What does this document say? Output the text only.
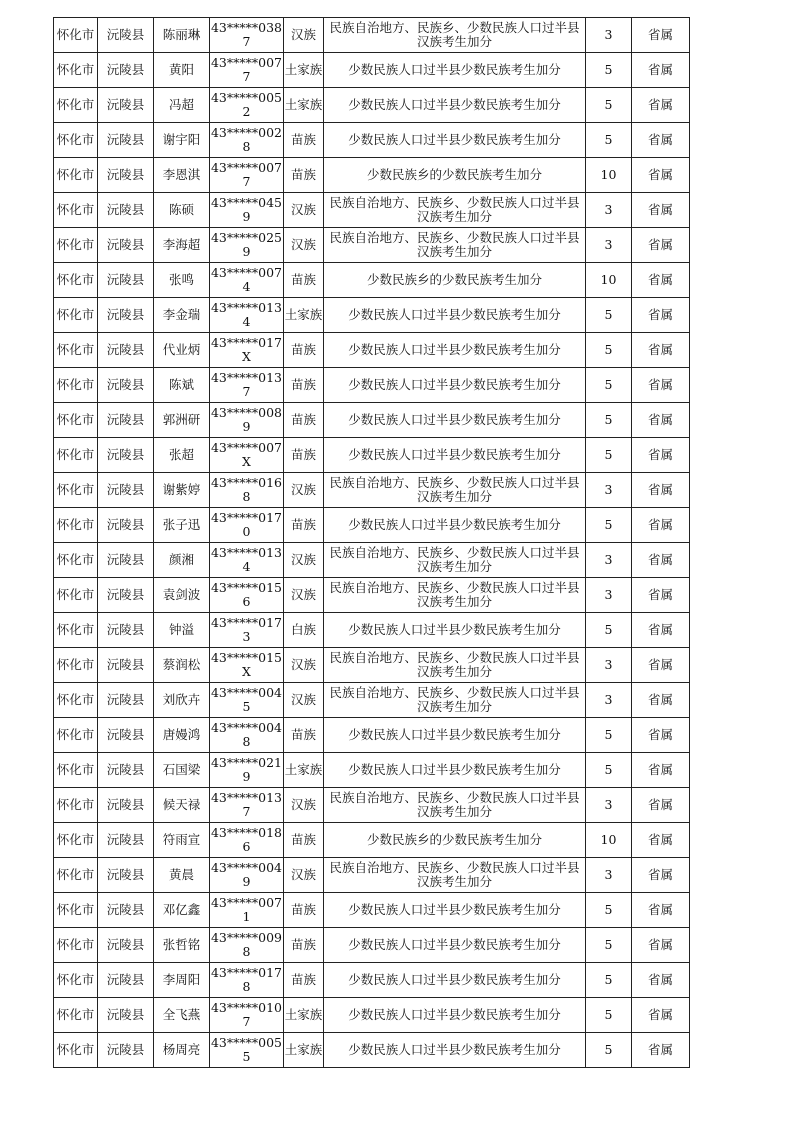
怀化市	沅陵县	陈丽琳	43*****0387	汉族	民族自治地方、民族乡、少数民族人口过半县汉族考生加分	3	省属
怀化市	沅陵县	黄阳	43*****0077	土家族	少数民族人口过半县少数民族考生加分	5	省属
怀化市	沅陵县	冯超	43*****0052	土家族	少数民族人口过半县少数民族考生加分	5	省属
怀化市	沅陵县	谢宇阳	43*****0028	苗族	少数民族人口过半县少数民族考生加分	5	省属
怀化市	沅陵县	李恩淇	43*****0077	苗族	少数民族乡的少数民族考生加分	10	省属
怀化市	沅陵县	陈硕	43*****0459	汉族	民族自治地方、民族乡、少数民族人口过半县汉族考生加分	3	省属
怀化市	沅陵县	李海超	43*****0259	汉族	民族自治地方、民族乡、少数民族人口过半县汉族考生加分	3	省属
怀化市	沅陵县	张鸣	43*****0074	苗族	少数民族乡的少数民族考生加分	10	省属
怀化市	沅陵县	李金瑞	43*****0134	土家族	少数民族人口过半县少数民族考生加分	5	省属
怀化市	沅陵县	代业炳	43*****017X	苗族	少数民族人口过半县少数民族考生加分	5	省属
怀化市	沅陵县	陈斌	43*****0137	苗族	少数民族人口过半县少数民族考生加分	5	省属
怀化市	沅陵县	郭洲研	43*****0089	苗族	少数民族人口过半县少数民族考生加分	5	省属
怀化市	沅陵县	张超	43*****007X	苗族	少数民族人口过半县少数民族考生加分	5	省属
怀化市	沅陵县	谢紫婷	43*****0168	汉族	民族自治地方、民族乡、少数民族人口过半县汉族考生加分	3	省属
怀化市	沅陵县	张子迅	43*****0170	苗族	少数民族人口过半县少数民族考生加分	5	省属
怀化市	沅陵县	颜湘	43*****0134	汉族	民族自治地方、民族乡、少数民族人口过半县汉族考生加分	3	省属
怀化市	沅陵县	袁剑波	43*****0156	汉族	民族自治地方、民族乡、少数民族人口过半县汉族考生加分	3	省属
怀化市	沅陵县	钟溢	43*****0173	白族	少数民族人口过半县少数民族考生加分	5	省属
怀化市	沅陵县	蔡润松	43*****015X	汉族	民族自治地方、民族乡、少数民族人口过半县汉族考生加分	3	省属
怀化市	沅陵县	刘欣卉	43*****0045	汉族	民族自治地方、民族乡、少数民族人口过半县汉族考生加分	3	省属
怀化市	沅陵县	唐嫚鸿	43*****0048	苗族	少数民族人口过半县少数民族考生加分	5	省属
怀化市	沅陵县	石国梁	43*****0219	土家族	少数民族人口过半县少数民族考生加分	5	省属
怀化市	沅陵县	候天禄	43*****0137	汉族	民族自治地方、民族乡、少数民族人口过半县汉族考生加分	3	省属
怀化市	沅陵县	符雨宣	43*****0186	苗族	少数民族乡的少数民族考生加分	10	省属
怀化市	沅陵县	黄晨	43*****0049	汉族	民族自治地方、民族乡、少数民族人口过半县汉族考生加分	3	省属
怀化市	沅陵县	邓亿鑫	43*****0071	苗族	少数民族人口过半县少数民族考生加分	5	省属
怀化市	沅陵县	张哲铭	43*****0098	苗族	少数民族人口过半县少数民族考生加分	5	省属
怀化市	沅陵县	李周阳	43*****0178	苗族	少数民族人口过半县少数民族考生加分	5	省属
怀化市	沅陵县	全飞燕	43*****0107	土家族	少数民族人口过半县少数民族考生加分	5	省属
怀化市	沅陵县	杨周亮	43*****0055	土家族	少数民族人口过半县少数民族考生加分	5	省属
